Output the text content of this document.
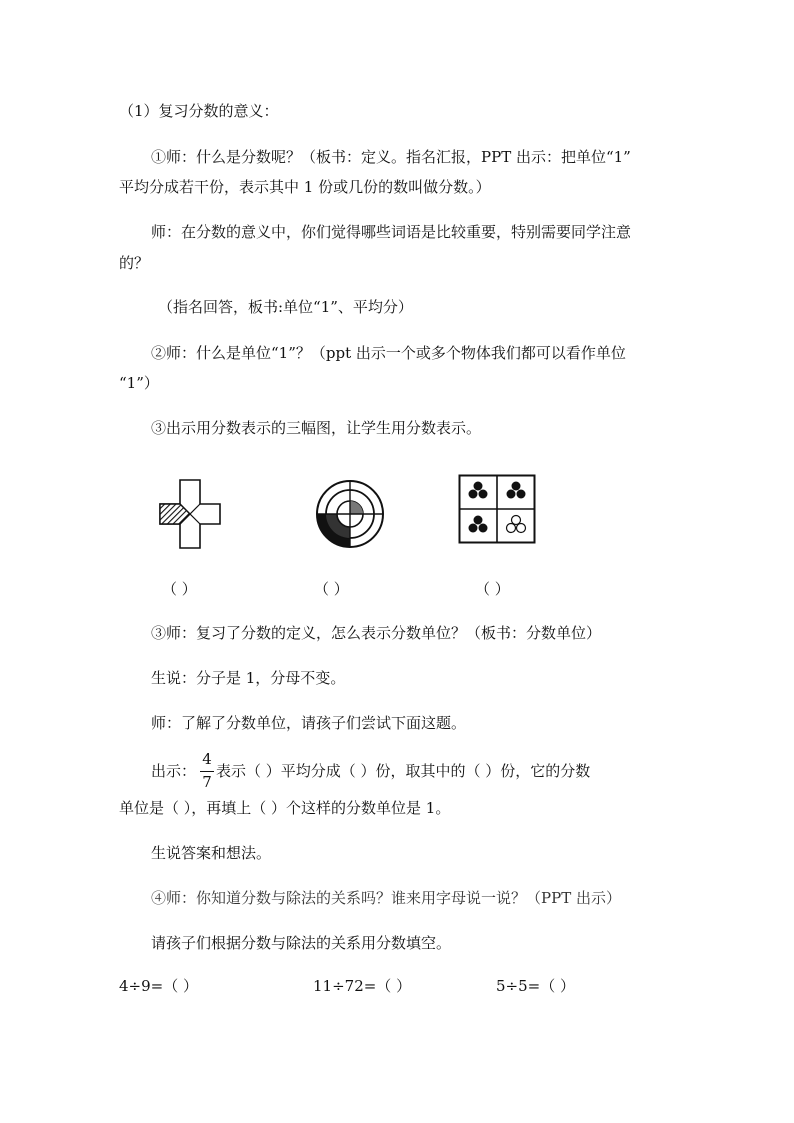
（1）复习分数的意义：
①师：什么是分数呢？（板书：定义。指名汇报，PPT 出示：把单位“1”
平均分成若干份，表示其中 1 份或几份的数叫做分数。）
师：在分数的意义中，你们觉得哪些词语是比较重要，特别需要同学注意
的？
（指名回答，板书:单位“1”、平均分）
②师：什么是单位“1”？（ppt 出示一个或多个物体我们都可以看作单位
“1”）
③出示用分数表示的三幅图，让学生用分数表示。
（ ）	（ ）	（ ）
③师：复习了分数的定义，怎么表示分数单位？（板书：分数单位）
生说：分子是 1，分母不变。
师：了解了分数单位，请孩子们尝试下面这题。
出示：
4
7
表示（ ）平均分成（ ）份，取其中的（ ）份，它的分数
单位是（ ），再填上（ ）个这样的分数单位是 1。
生说答案和想法。
④师：你知道分数与除法的关系吗？谁来用字母说一说？（PPT 出示）
请孩子们根据分数与除法的关系用分数填空。
4÷9=（ ）	11÷72=（ ）	5÷5=（ ）
